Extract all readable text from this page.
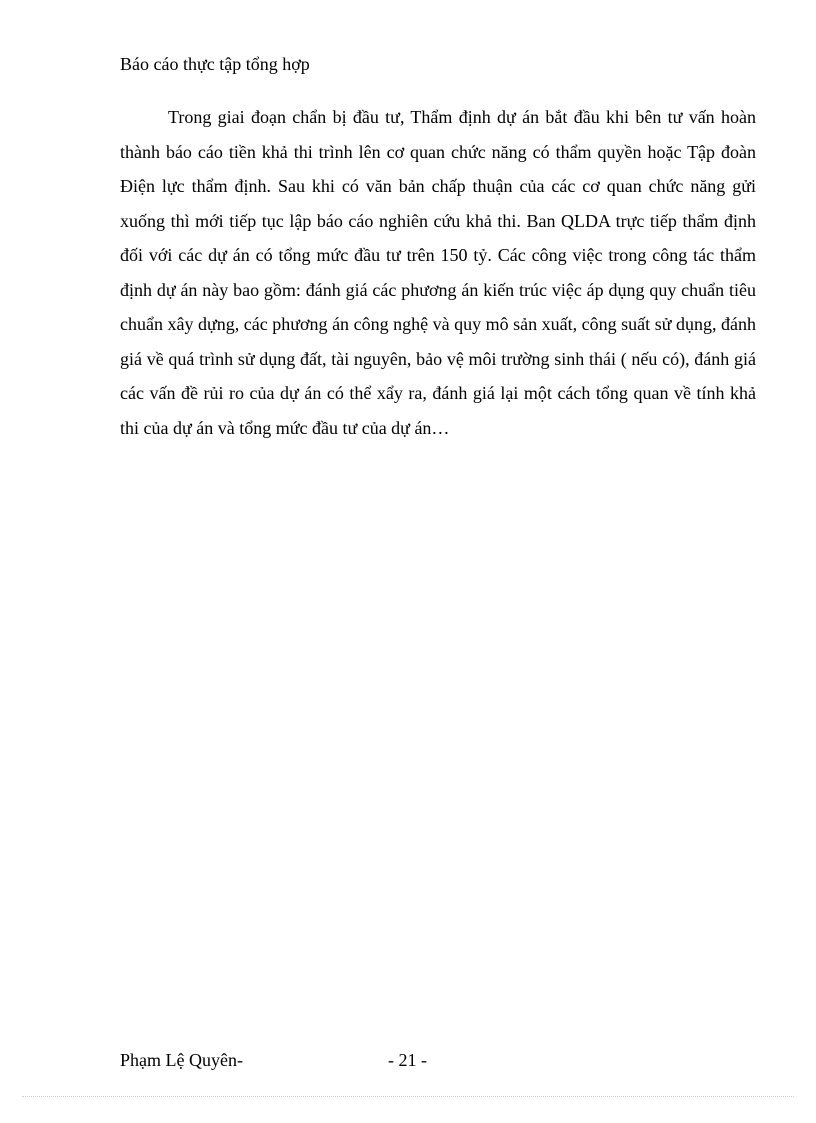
Báo cáo thực tập tổng hợp

Trong giai đoạn chẩn bị đầu tư, Thẩm định dự án bắt đầu khi bên tư vấn hoàn thành báo cáo tiền khả thi trình lên cơ quan chức năng có thẩm quyền hoặc Tập đoàn Điện lực thẩm định. Sau khi có văn bản chấp thuận của các cơ quan chức năng gửi xuống thì mới tiếp tục lập báo cáo nghiên cứu khả thi. Ban QLDA trực tiếp thẩm định đối với các dự án có tổng mức đầu tư trên 150 tỷ. Các công việc trong công tác thẩm định dự án này bao gồm: đánh giá các phương án kiến trúc việc áp dụng quy chuẩn tiêu chuẩn xây dựng, các phương án công nghệ và quy mô sản xuất, công suất sử dụng, đánh giá về quá trình sử dụng đất, tài nguyên, bảo vệ môi trường sinh thái ( nếu có), đánh giá các vấn đề rủi ro của dự án có thể xẩy ra, đánh giá lại một cách tổng quan về tính khả thi của dự án và tổng mức đầu tư của dự án…

Phạm Lệ Quyên-	- 21 -
